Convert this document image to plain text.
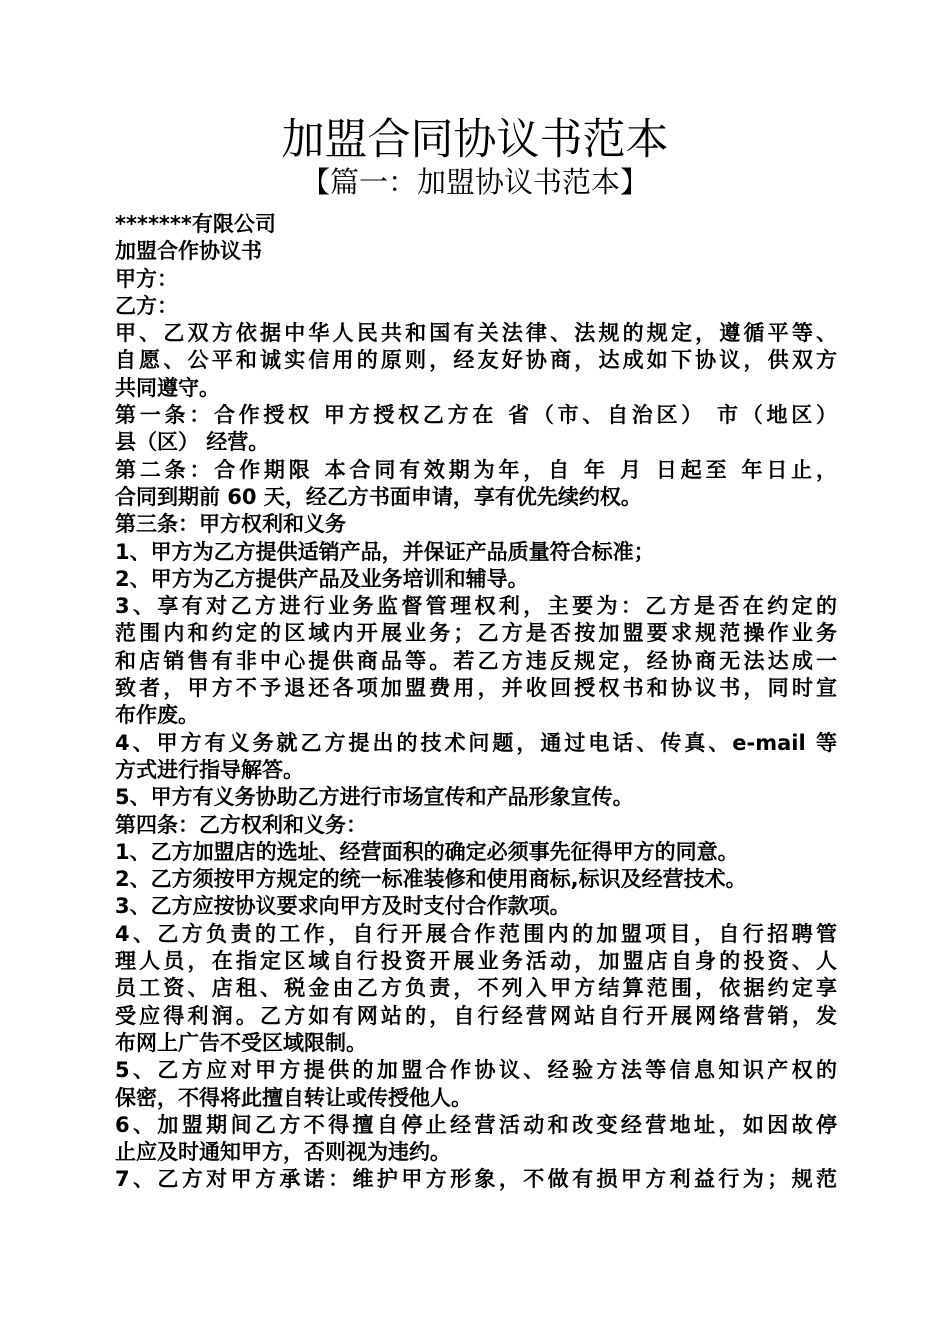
加盟合同协议书范本
【篇一：加盟协议书范本】
*******有限公司
加盟合作协议书
甲方：
乙方：
甲、乙双方依据中华人民共和国有关法律、法规的规定，遵循平等、
自愿、公平和诚实信用的原则，经友好协商，达成如下协议，供双方
共同遵守。
第一条：合作授权 甲方授权乙方在 省（市、自治区） 市（地区）
县（区） 经营。
第二条：合作期限 本合同有效期为年，自 年 月 日起至 年日止，
合同到期前 60 天，经乙方书面申请，享有优先续约权。
第三条：甲方权利和义务
1、甲方为乙方提供适销产品，并保证产品质量符合标准；
2、甲方为乙方提供产品及业务培训和辅导。
3、享有对乙方进行业务监督管理权利，主要为：乙方是否在约定的
范围内和约定的区域内开展业务；乙方是否按加盟要求规范操作业务
和店销售有非中心提供商品等。若乙方违反规定，经协商无法达成一
致者，甲方不予退还各项加盟费用，并收回授权书和协议书，同时宣
布作废。
4、甲方有义务就乙方提出的技术问题，通过电话、传真、e-mail 等
方式进行指导解答。
5、甲方有义务协助乙方进行市场宣传和产品形象宣传。
第四条：乙方权利和义务：
1、乙方加盟店的选址、经营面积的确定必须事先征得甲方的同意。
2、乙方须按甲方规定的统一标准装修和使用商标,标识及经营技术。
3、乙方应按协议要求向甲方及时支付合作款项。
4、乙方负责的工作，自行开展合作范围内的加盟项目，自行招聘管
理人员，在指定区域自行投资开展业务活动，加盟店自身的投资、人
员工资、店租、税金由乙方负责，不列入甲方结算范围，依据约定享
受应得利润。乙方如有网站的，自行经营网站自行开展网络营销，发
布网上广告不受区域限制。
5、乙方应对甲方提供的加盟合作协议、经验方法等信息知识产权的
保密，不得将此擅自转让或传授他人。
6、加盟期间乙方不得擅自停止经营活动和改变经营地址，如因故停
止应及时通知甲方，否则视为违约。
7、乙方对甲方承诺：维护甲方形象，不做有损甲方利益行为；规范
